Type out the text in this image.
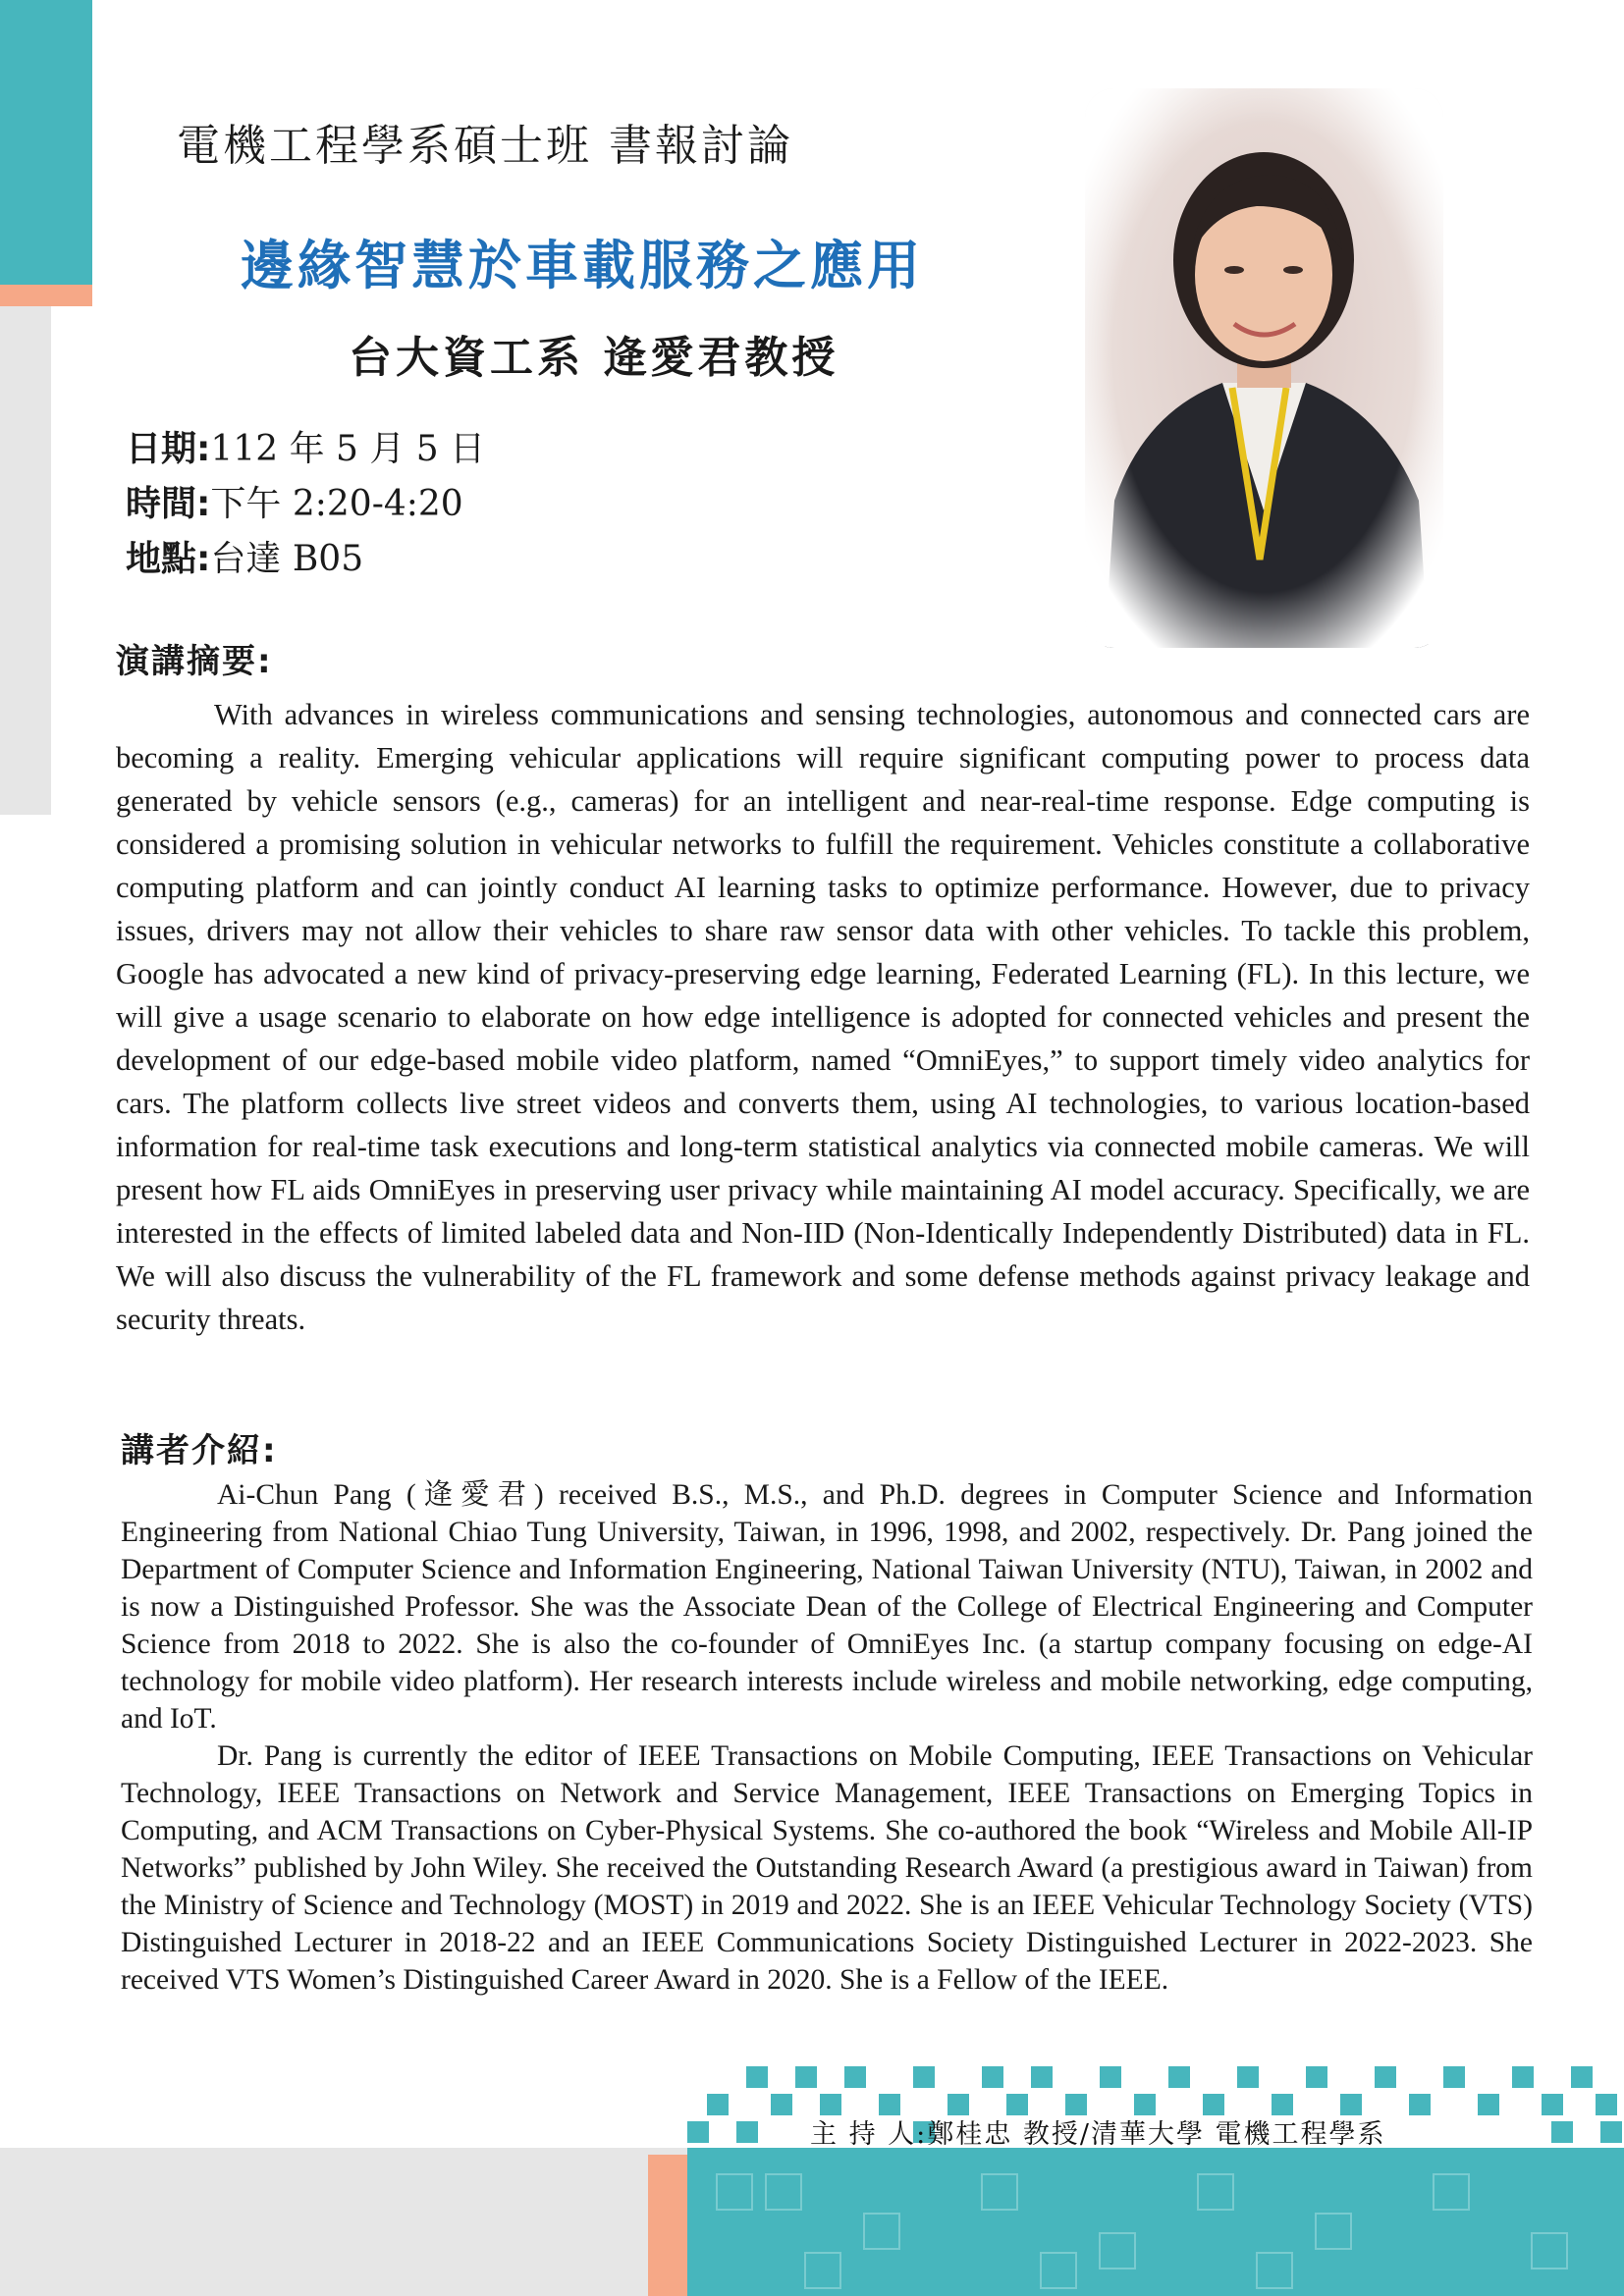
電機工程學系碩士班 書報討論
邊緣智慧於車載服務之應用
台大資工系 逄愛君教授
日期:112 年 5 月 5 日
時間:下午 2:20-4:20
地點:台達 B05
演講摘要:

With advances in wireless communications and sensing technologies, autonomous and connected cars are becoming a reality. Emerging vehicular applications will require significant computing power to process data generated by vehicle sensors (e.g., cameras) for an intelligent and near-real-time response. Edge computing is considered a promising solution in vehicular networks to fulfill the requirement. Vehicles constitute a collaborative computing platform and can jointly conduct AI learning tasks to optimize performance. However, due to privacy issues, drivers may not allow their vehicles to share raw sensor data with other vehicles. To tackle this problem, Google has advocated a new kind of privacy-preserving edge learning, Federated Learning (FL). In this lecture, we will give a usage scenario to elaborate on how edge intelligence is adopted for connected vehicles and present the development of our edge-based mobile video platform, named “OmniEyes,” to support timely video analytics for cars. The platform collects live street videos and converts them, using AI technologies, to various location-based information for real-time task executions and long-term statistical analytics via connected mobile cameras. We will present how FL aids OmniEyes in preserving user privacy while maintaining AI model accuracy. Specifically, we are interested in the effects of limited labeled data and Non-IID (Non-Identically Independently Distributed) data in FL. We will also discuss the vulnerability of the FL framework and some defense methods against privacy leakage and security threats.

講者介紹:

Ai-Chun Pang (逄愛君) received B.S., M.S., and Ph.D. degrees in Computer Science and Information Engineering from National Chiao Tung University, Taiwan, in 1996, 1998, and 2002, respectively. Dr. Pang joined the Department of Computer Science and Information Engineering, National Taiwan University (NTU), Taiwan, in 2002 and is now a Distinguished Professor. She was the Associate Dean of the College of Electrical Engineering and Computer Science from 2018 to 2022. She is also the co-founder of OmniEyes Inc. (a startup company focusing on edge-AI technology for mobile video platform). Her research interests include wireless and mobile networking, edge computing, and IoT.

Dr. Pang is currently the editor of IEEE Transactions on Mobile Computing, IEEE Transactions on Vehicular Technology, IEEE Transactions on Network and Service Management, IEEE Transactions on Emerging Topics in Computing, and ACM Transactions on Cyber-Physical Systems. She co-authored the book “Wireless and Mobile All-IP Networks” published by John Wiley. She received the Outstanding Research Award (a prestigious award in Taiwan) from the Ministry of Science and Technology (MOST) in 2019 and 2022. She is an IEEE Vehicular Technology Society (VTS) Distinguished Lecturer in 2018-22 and an IEEE Communications Society Distinguished Lecturer in 2022-2023. She received VTS Women’s Distinguished Career Award in 2020. She is a Fellow of the IEEE.

主 持 人:鄭桂忠 教授/清華大學 電機工程學系
